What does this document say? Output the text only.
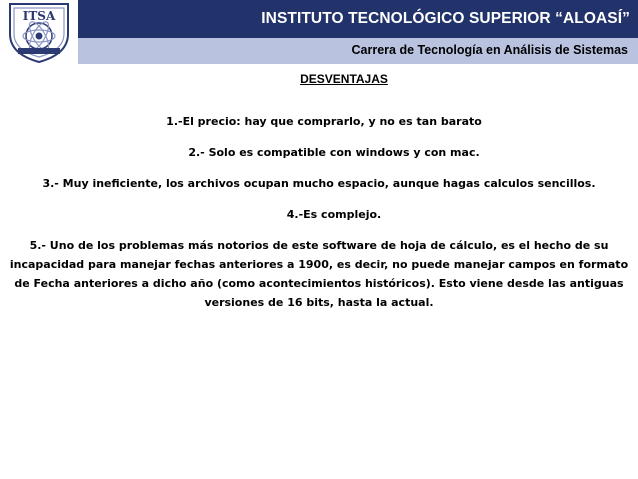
ITSA	INSTITUTO TECNOLÓGICO SUPERIOR “ALOASÍ”
Carrera de Tecnología en Análisis de Sistemas
DESVENTAJAS

1.-El precio: hay que comprarlo, y no es tan barato

2.- Solo es compatible con windows y con mac.

3.- Muy ineficiente, los archivos ocupan mucho espacio, aunque hagas calculos sencillos.

4.-Es complejo.

5.- Uno de los problemas más notorios de este software de hoja de cálculo, es el hecho de su incapacidad para manejar fechas anteriores a 1900, es decir, no puede manejar campos en formato de Fecha anteriores a dicho año (como acontecimientos históricos). Esto viene desde las antiguas versiones de 16 bits, hasta la actual.
